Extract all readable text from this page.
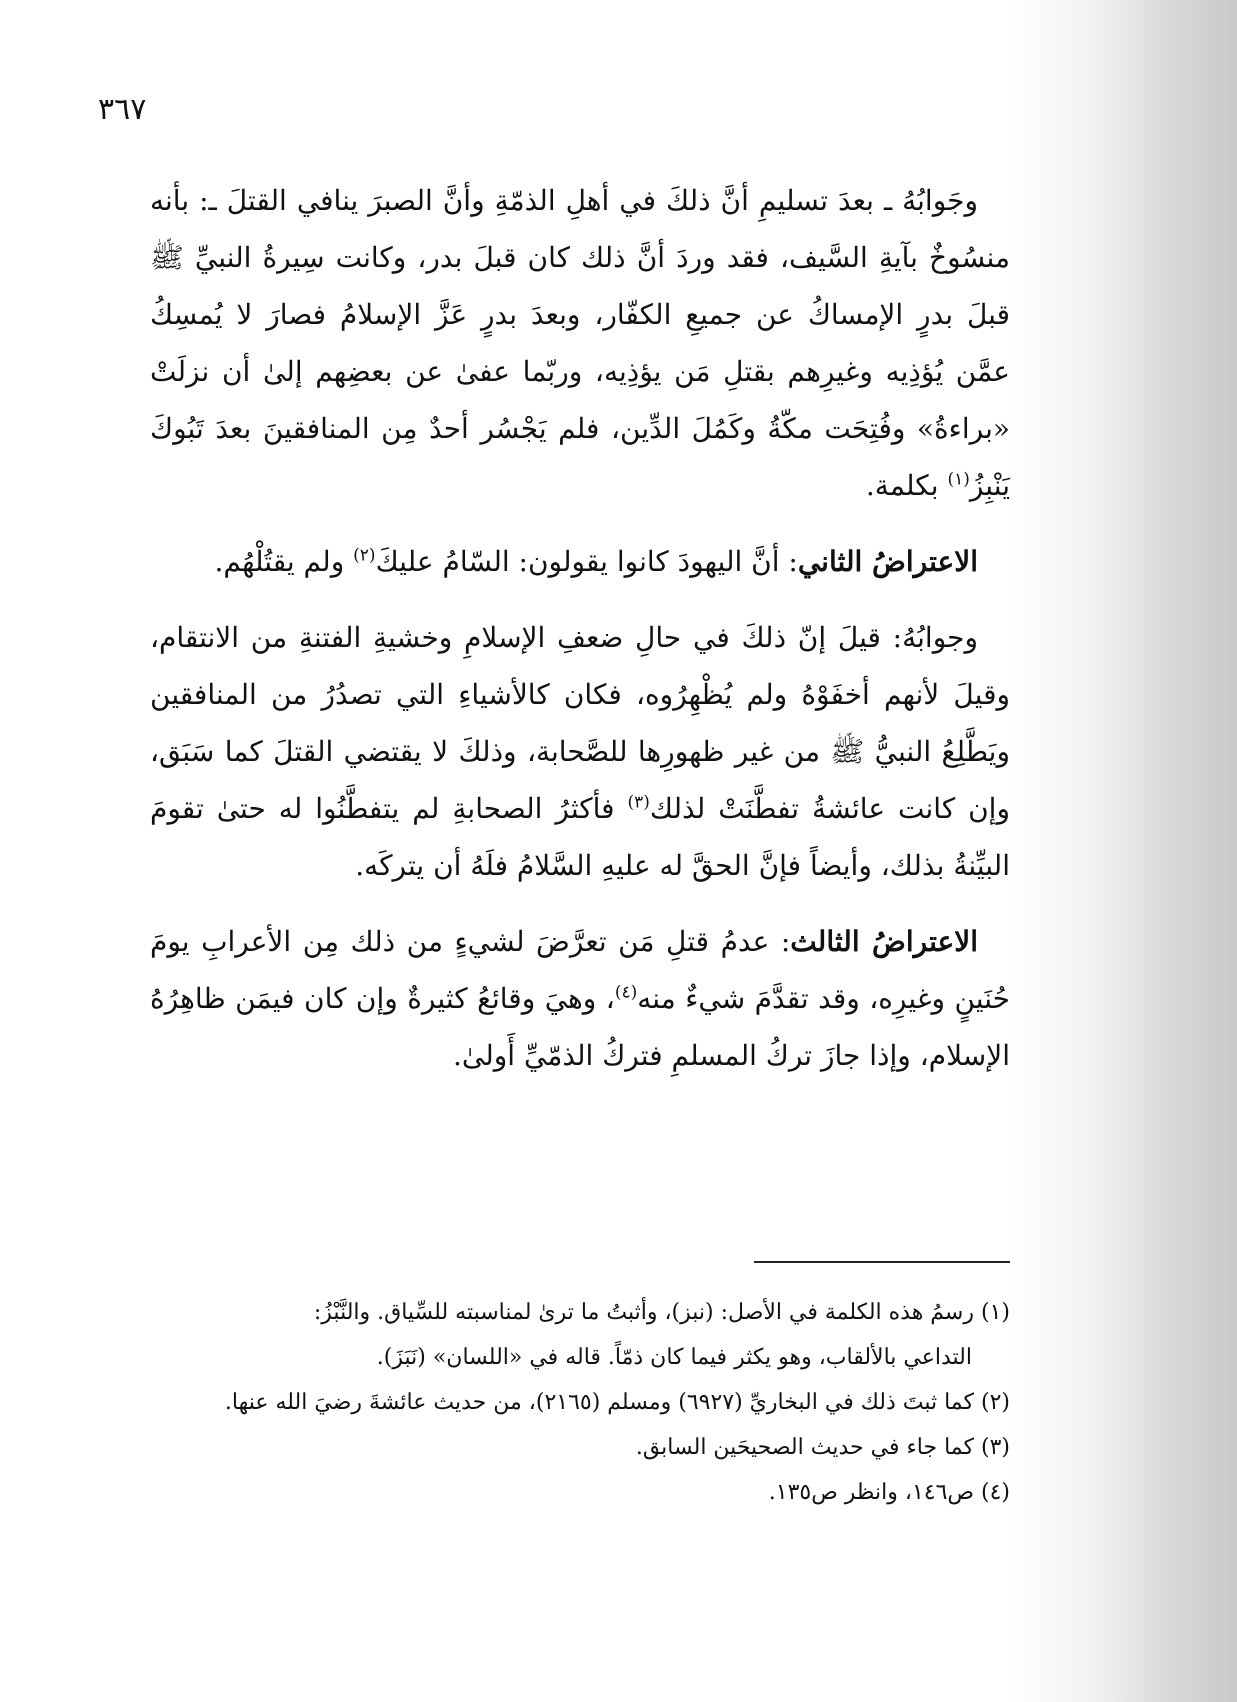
٣٦٧

وجَوابُهُ ـ بعدَ تسليمِ أنَّ ذلكَ في أهلِ الذمّةِ وأنَّ الصبرَ ينافي القتلَ ـ: بأنه منسُوخٌ بآيةِ السَّيف، فقد وردَ أنَّ ذلك كان قبلَ بدر، وكانت سِيرةُ النبيِّ ﷺ قبلَ بدرٍ الإمساكُ عن جميعِ الكفّار، وبعدَ بدرٍ عَزَّ الإسلامُ فصارَ لا يُمسِكُ عمَّن يُؤذِيه وغيرِهم بقتلِ مَن يؤذِيه، وربّما عفىٰ عن بعضِهم إلىٰ أن نزلَتْ «براءةُ» وفُتِحَت مكّةُ وكَمُلَ الدِّين، فلم يَجْسُر أحدٌ مِن المنافقينَ بعدَ تَبُوكَ يَنْبِزُ$^{(١)}$ بكلمة.

الاعتراضُ الثاني: أنَّ اليهودَ كانوا يقولون: السّامُ عليكَ$^{(٢)}$ ولم يقتُلْهُم.

وجوابُهُ: قيلَ إنّ ذلكَ في حالِ ضعفِ الإسلامِ وخشيةِ الفتنةِ من الانتقام، وقيلَ لأنهم أخفَوْهُ ولم يُظْهِرُوه، فكان كالأشياءِ التي تصدُرُ من المنافقين ويَطَّلِعُ النبيُّ ﷺ من غير ظهورِها للصَّحابة، وذلكَ لا يقتضي القتلَ كما سَبَق، وإن كانت عائشةُ تفطَّنَتْ لذلك$^{(٣)}$ فأكثرُ الصحابةِ لم يتفطَّنُوا له حتىٰ تقومَ البيِّنةُ بذلك، وأيضاً فإنَّ الحقَّ له عليهِ السَّلامُ فلَهُ أن يتركَه.

الاعتراضُ الثالث: عدمُ قتلِ مَن تعرَّضَ لشيءٍ من ذلك مِن الأعرابِ يومَ حُنَينٍ وغيرِه، وقد تقدَّمَ شيءٌ منه$^{(٤)}$، وهيَ وقائعُ كثيرةٌ وإن كان فيمَن ظاهِرُهُ الإسلام، وإذا جازَ تركُ المسلمِ فتركُ الذمّيِّ أَولىٰ.

(١) رسمُ هذه الكلمة في الأصل: (نبز)، وأثبتُ ما ترىٰ لمناسبته للسِّياق. والنَّبْزُ:

التداعي بالألقاب، وهو يكثر فيما كان ذمّاً. قاله في «اللسان» (نَبَزَ).

(٢) كما ثبتَ ذلك في البخاريِّ (٦٩٢٧) ومسلم (٢١٦٥)، من حديث عائشةَ رضيَ الله عنها.

(٣) كما جاء في حديث الصحيحَين السابق.

(٤) ص١٤٦، وانظر ص١٣٥.
